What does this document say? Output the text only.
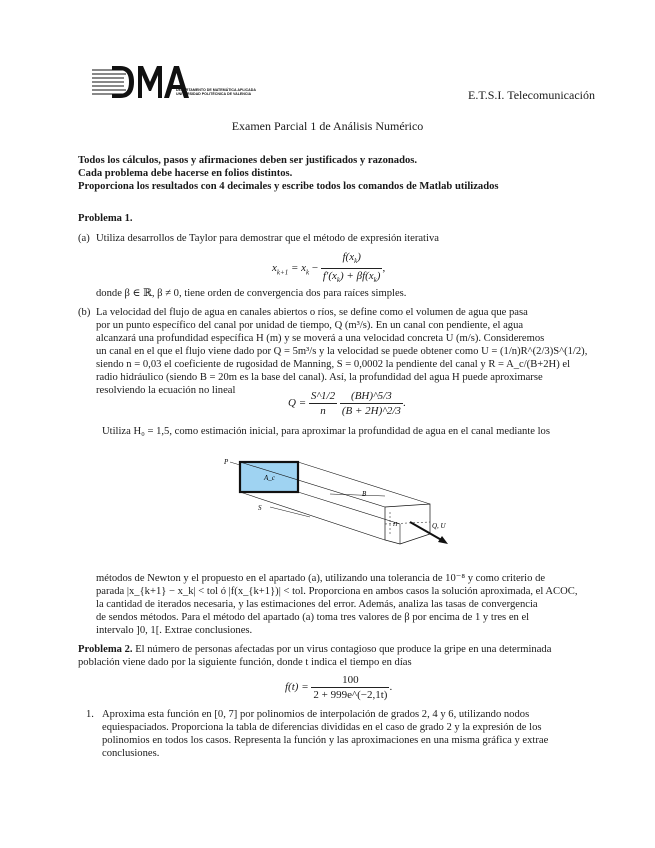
DEPARTAMENTO DE MATEMÁTICA APLICADA
UNIVERSIDAD POLITÉCNICA DE VALENCIA	E.T.S.I. Telecomunicación
Examen Parcial 1 de Análisis Numérico
Todos los cálculos, pasos y afirmaciones deben ser justificados y razonados.
Cada problema debe hacerse en folios distintos.
Proporciona los resultados con 4 decimales y escribe todos los comandos de Matlab utilizados
Problema 1.
(a) Utiliza desarrollos de Taylor para demostrar que el método de expresión iterativa
$x_{k+1} = x_k - \frac{f(x_k)}{f'(x_k) + \beta f(x_k)}$ ,
donde β ∈ ℝ, β ≠ 0, tiene orden de convergencia dos para raíces simples.
(b) La velocidad del flujo de agua en canales abiertos o ríos, se define como el volumen de agua que pasa
por un punto específico del canal por unidad de tiempo, Q (m³/s). En un canal con pendiente, el agua
alcanzará una profundidad específica H (m) y se moverá a una velocidad concreta U (m/s). Consideremos
un canal en el que el flujo viene dado por Q = 5m³/s y la velocidad se puede obtener como U = (1/n)R^(2/3)S^(1/2),
siendo n = 0,03 el coeficiente de rugosidad de Manning, S = 0,0002 la pendiente del canal y R = A_c/(B+2H) el
radio hidráulico (siendo B = 20m es la base del canal). Así, la profundidad del agua H puede aproximarse
resolviendo la ecuación no lineal
$Q = \frac{S\^{}1/2}{n}$
$\frac{(BH)\^{}5/3}{(B + 2H)\^{}2/3}$ .
Utiliza H₀ = 1,5, como estimación inicial, para aproximar la profundidad de agua en el canal mediante los
P
A_c
B
S
H	Q, U
métodos de Newton y el propuesto en el apartado (a), utilizando una tolerancia de 10⁻⁸ y como criterio de
parada |x_{k+1} − x_k| < tol ó |f(x_{k+1})| < tol. Proporciona en ambos casos la solución aproximada, el ACOC,
la cantidad de iterados necesaria, y las estimaciones del error. Además, analiza las tasas de convergencia
de sendos métodos. Para el método del apartado (a) toma tres valores de β por encima de 1 y tres en el
intervalo ]0, 1[. Extrae conclusiones.
Problema 2. El número de personas afectadas por un virus contagioso que produce la gripe en una determinada
población viene dado por la siguiente función, donde t indica el tiempo en días
$f(t) = \frac{100}{2 + 999e\^{}(-2,1t)}$ .
1. Aproxima esta función en [0, 7] por polinomios de interpolación de grados 2, 4 y 6, utilizando nodos
equiespaciados. Proporciona la tabla de diferencias divididas en el caso de grado 2 y la expresión de los
polinomios en todos los casos. Representa la función y las aproximaciones en una misma gráfica y extrae
conclusiones.
